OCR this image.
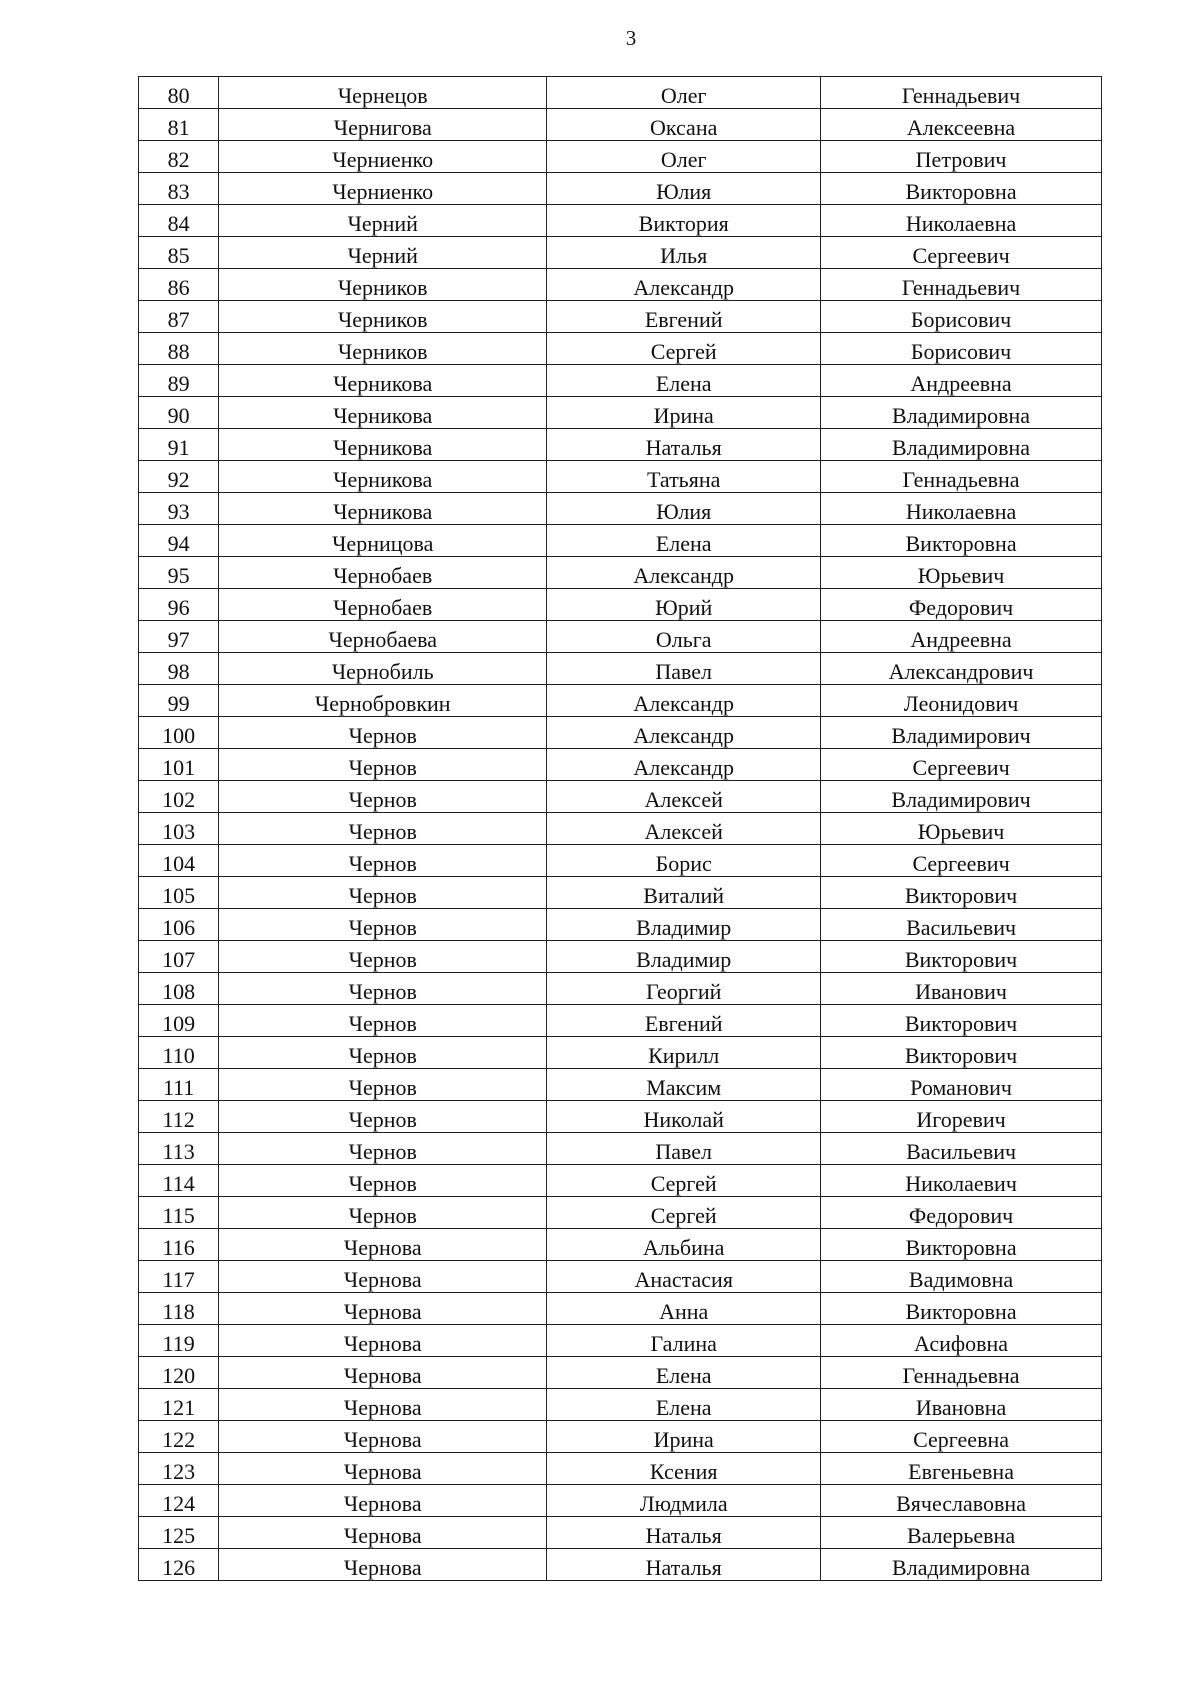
3
80	Чернецов	Олег	Геннадьевич
81	Чернигова	Оксана	Алексеевна
82	Черниенко	Олег	Петрович
83	Черниенко	Юлия	Викторовна
84	Черний	Виктория	Николаевна
85	Черний	Илья	Сергеевич
86	Черников	Александр	Геннадьевич
87	Черников	Евгений	Борисович
88	Черников	Сергей	Борисович
89	Черникова	Елена	Андреевна
90	Черникова	Ирина	Владимировна
91	Черникова	Наталья	Владимировна
92	Черникова	Татьяна	Геннадьевна
93	Черникова	Юлия	Николаевна
94	Черницова	Елена	Викторовна
95	Чернобаев	Александр	Юрьевич
96	Чернобаев	Юрий	Федорович
97	Чернобаева	Ольга	Андреевна
98	Чернобиль	Павел	Александрович
99	Чернобровкин	Александр	Леонидович
100	Чернов	Александр	Владимирович
101	Чернов	Александр	Сергеевич
102	Чернов	Алексей	Владимирович
103	Чернов	Алексей	Юрьевич
104	Чернов	Борис	Сергеевич
105	Чернов	Виталий	Викторович
106	Чернов	Владимир	Васильевич
107	Чернов	Владимир	Викторович
108	Чернов	Георгий	Иванович
109	Чернов	Евгений	Викторович
110	Чернов	Кирилл	Викторович
111	Чернов	Максим	Романович
112	Чернов	Николай	Игоревич
113	Чернов	Павел	Васильевич
114	Чернов	Сергей	Николаевич
115	Чернов	Сергей	Федорович
116	Чернова	Альбина	Викторовна
117	Чернова	Анастасия	Вадимовна
118	Чернова	Анна	Викторовна
119	Чернова	Галина	Асифовна
120	Чернова	Елена	Геннадьевна
121	Чернова	Елена	Ивановна
122	Чернова	Ирина	Сергеевна
123	Чернова	Ксения	Евгеньевна
124	Чернова	Людмила	Вячеславовна
125	Чернова	Наталья	Валерьевна
126	Чернова	Наталья	Владимировна
